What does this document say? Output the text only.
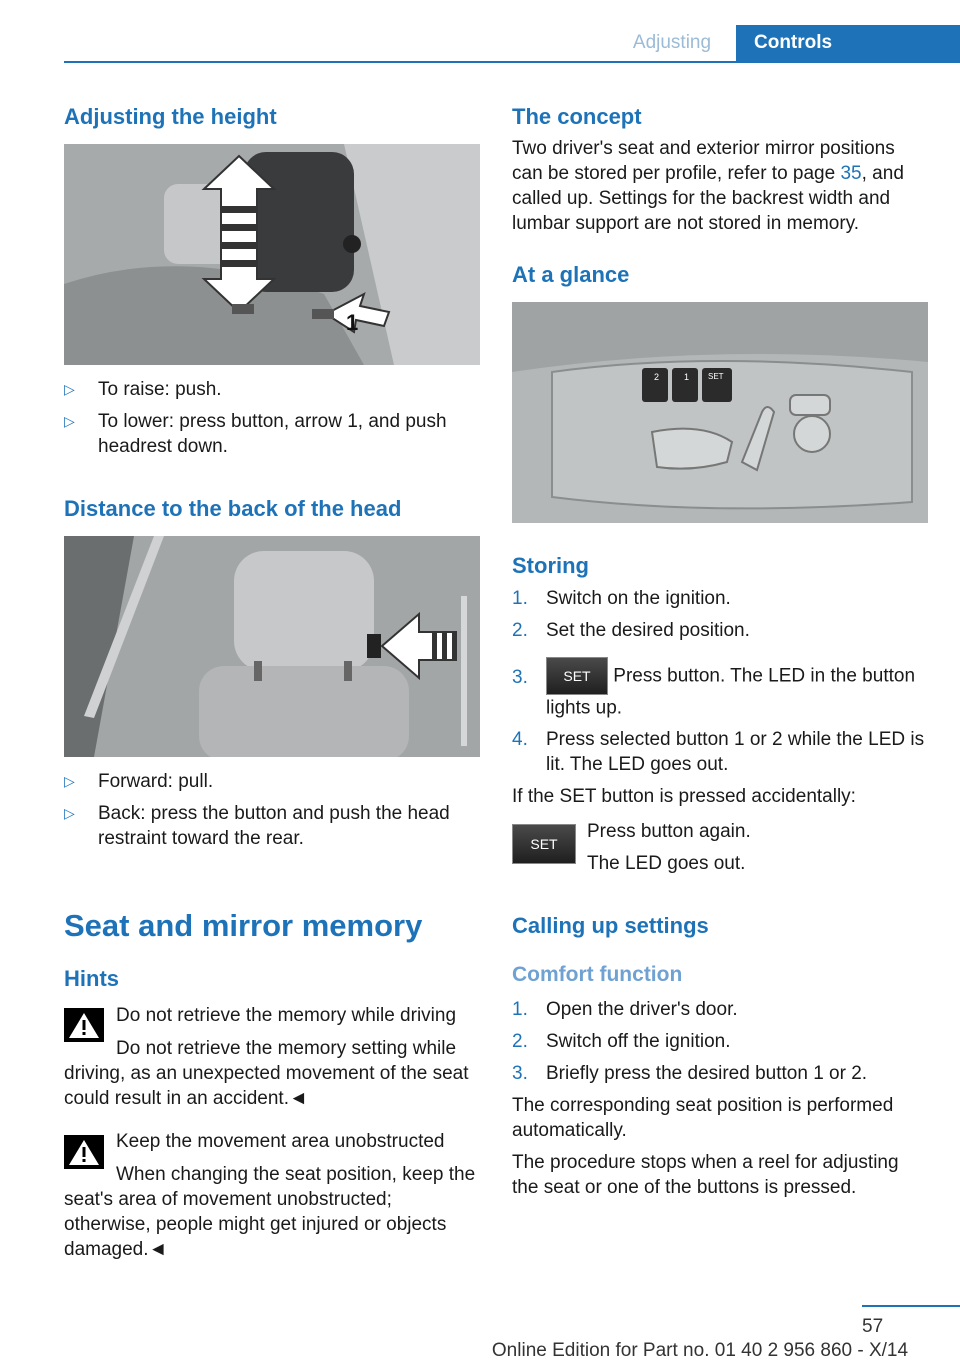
Adjusting	Controls
Adjusting the height
1
▷ To raise: push.
▷ To lower: press button, arrow 1, and push headrest down.
Distance to the back of the head
▷ Forward: pull.
▷ Back: press the button and push the head restraint toward the rear.
Seat and mirror memory
Hints

Do not retrieve the memory while driving

Do not retrieve the memory setting while driving, as an unexpected movement of the seat could result in an accident.◄

Keep the movement area unobstructed

When changing the seat position, keep the seat's area of movement unobstructed; otherwise, people might get injured or objects damaged.◄

The concept

Two driver's seat and exterior mirror positions can be stored per profile, refer to page 35, and called up. Settings for the backrest width and lumbar support are not stored in memory.

At a glance
2	1 SET
Storing
1. Switch on the ignition.
2. Set the desired position.
3.	SET Press button. The LED in the button lights up.
4. Press selected button 1 or 2 while the LED is lit. The LED goes out.

If the SET button is pressed accidentally:

SET

Press button again.

The LED goes out.

Calling up settings
Comfort function
1. Open the driver's door.
2. Switch off the ignition.
3. Briefly press the desired button 1 or 2.

The corresponding seat position is performed automatically.

The procedure stops when a reel for adjusting the seat or one of the buttons is pressed.

Online Edition for Part no. 01 40 2 956 860 - X/14
57
